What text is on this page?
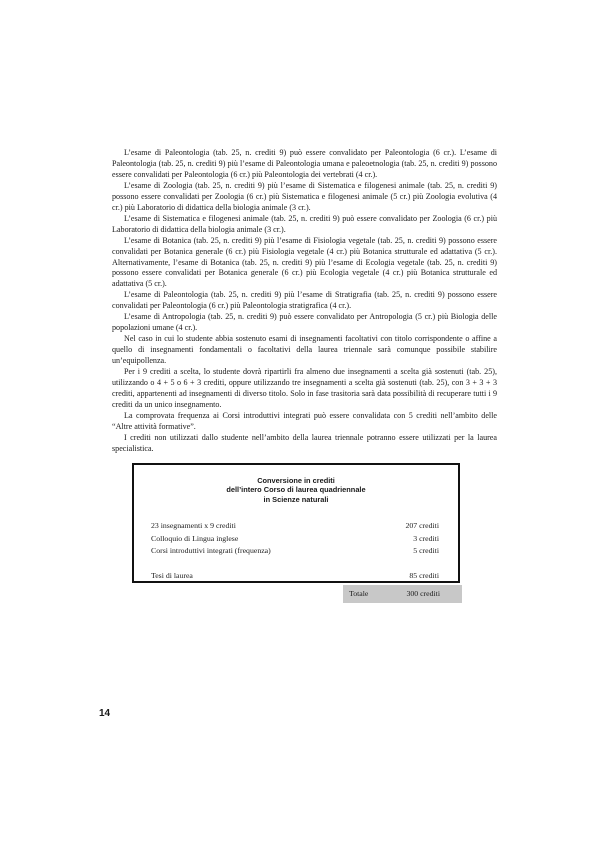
L’esame di Paleontologia (tab. 25, n. crediti 9) può essere convalidato per Paleontologia (6 cr.). L’esame di Paleontologia (tab. 25, n. crediti 9) più l’esame di Paleontologia umana e paleoetnologia (tab. 25, n. crediti 9) possono essere convalidati per Paleontologia (6 cr.) più Paleontologia dei vertebrati (4 cr.).

L’esame di Zoologia (tab. 25, n. crediti 9) più l’esame di Sistematica e filogenesi animale (tab. 25, n. crediti 9) possono essere convalidati per Zoologia (6 cr.) più Sistematica e filogenesi animale (5 cr.) più Zoologia evolutiva (4 cr.) più Laboratorio di didattica della biologia animale (3 cr.).

L’esame di Sistematica e filogenesi animale (tab. 25, n. crediti 9) può essere convalidato per Zoologia (6 cr.) più Laboratorio di didattica della biologia animale (3 cr.).

L’esame di Botanica (tab. 25, n. crediti 9) più l’esame di Fisiologia vegetale (tab. 25, n. crediti 9) possono essere convalidati per Botanica generale (6 cr.) più Fisiologia vegetale (4 cr.) più Botanica strutturale ed adattativa (5 cr.). Alternativamente, l’esame di Botanica (tab. 25, n. crediti 9) più l’esame di Ecologia vegetale (tab. 25, n. crediti 9) possono essere convalidati per Botanica generale (6 cr.) più Ecologia vegetale (4 cr.) più Botanica strutturale ed adattativa (5 cr.).

L’esame di Paleontologia (tab. 25, n. crediti 9) più l’esame di Stratigrafia (tab. 25, n. crediti 9) possono essere convalidati per Paleontologia (6 cr.) più Paleontologia stratigrafica (4 cr.).

L’esame di Antropologia (tab. 25, n. crediti 9) può essere convalidato per Antropologia (5 cr.) più Biologia delle popolazioni umane (4 cr.).

Nel caso in cui lo studente abbia sostenuto esami di insegnamenti facoltativi con titolo corrispondente o affine a quello di insegnamenti fondamentali o facoltativi della laurea triennale sarà comunque possibile stabilire un’equipollenza.

Per i 9 crediti a scelta, lo studente dovrà ripartirli fra almeno due insegnamenti a scelta già sostenuti (tab. 25), utilizzando o 4 + 5 o 6 + 3 crediti, oppure utilizzando tre insegnamenti a scelta già sostenuti (tab. 25), con 3 + 3 + 3 crediti, appartenenti ad insegnamenti di diverso titolo. Solo in fase trasitoria sarà data possibilità di recuperare tutti i 9 crediti da un unico insegnamento.

La comprovata frequenza ai Corsi introduttivi integrati può essere convalidata con 5 crediti nell’ambito delle “Altre attività formative”.

I crediti non utilizzati dallo studente nell’ambito della laurea triennale potranno essere utilizzati per la laurea specialistica.

Conversione in crediti
dell’intero Corso di laurea quadriennale
in Scienze naturali
23 insegnamenti x 9 crediti	207 crediti
Colloquio di Lingua inglese	3 crediti
Corsi introduttivi integrati (frequenza)	5 crediti
Tesi di laurea	85 crediti
Totale	300 crediti
14
